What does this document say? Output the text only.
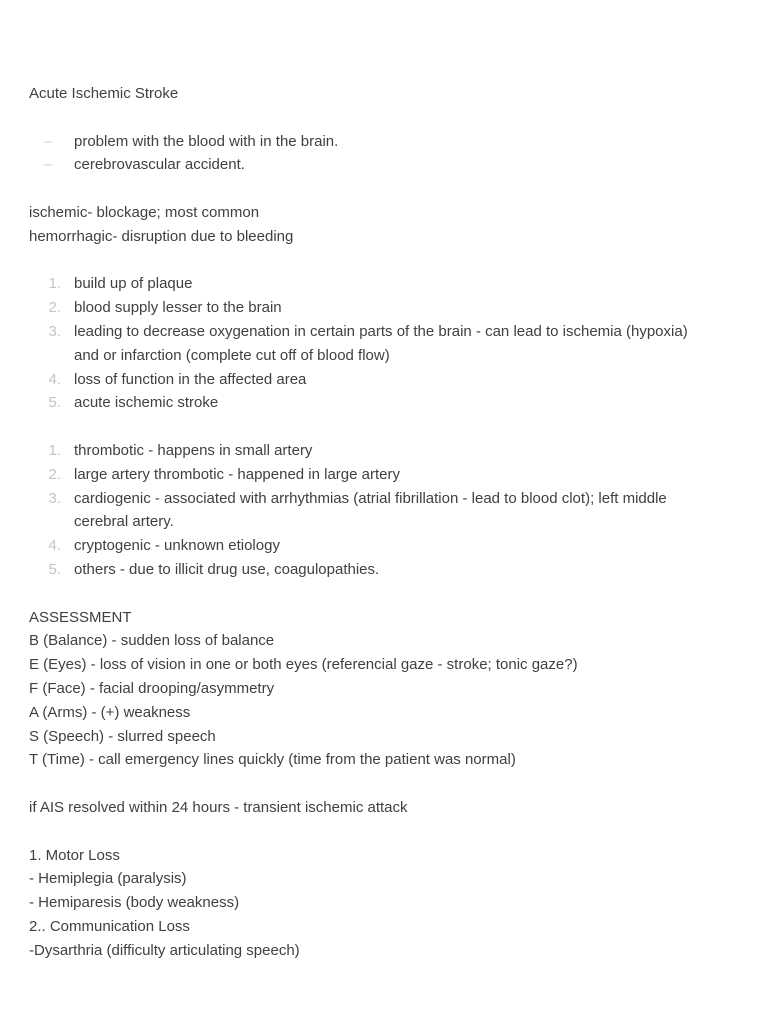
Acute Ischemic Stroke
–	problem with the blood with in the brain.
–	cerebrovascular accident.
ischemic- blockage; most common
hemorrhagic- disruption due to bleeding
1. build up of plaque
2. blood supply lesser to the brain
3. leading to decrease oxygenation in certain parts of the brain - can lead to ischemia (hypoxia)
and or infarction (complete cut off of blood flow)
4. loss of function in the affected area
5. acute ischemic stroke
1. thrombotic - happens in small artery
2. large artery thrombotic - happened in large artery
3. cardiogenic - associated with arrhythmias (atrial fibrillation - lead to blood clot); left middle
cerebral artery.
4. cryptogenic - unknown etiology
5. others - due to illicit drug use, coagulopathies.
ASSESSMENT
B (Balance) - sudden loss of balance
E (Eyes) - loss of vision in one or both eyes (referencial gaze - stroke; tonic gaze?)
F (Face) - facial drooping/asymmetry
A (Arms) - (+) weakness
S (Speech) - slurred speech
T (Time) - call emergency lines quickly (time from the patient was normal)
if AIS resolved within 24 hours - transient ischemic attack
1. Motor Loss
- Hemiplegia (paralysis)
- Hemiparesis (body weakness)
2.. Communication Loss
-Dysarthria (difficulty articulating speech)
